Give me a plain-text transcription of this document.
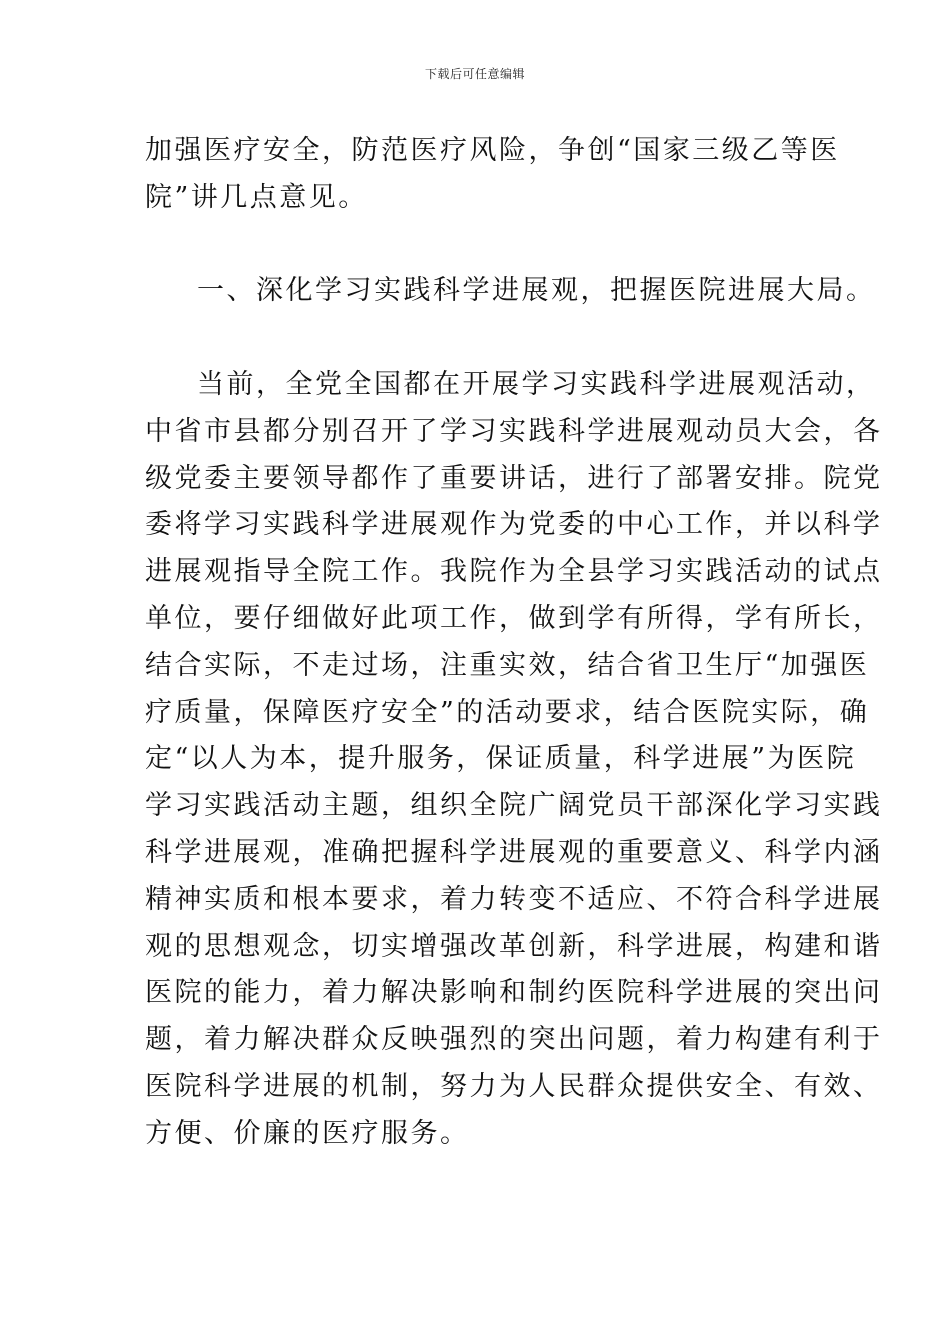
下载后可任意编辑
加强医疗安全，防范医疗风险，争创“国家三级乙等医
院”讲几点意见。
一、深化学习实践科学进展观，把握医院进展大局。
当前，全党全国都在开展学习实践科学进展观活动，
中省市县都分别召开了学习实践科学进展观动员大会，各
级党委主要领导都作了重要讲话，进行了部署安排。院党
委将学习实践科学进展观作为党委的中心工作，并以科学
进展观指导全院工作。我院作为全县学习实践活动的试点
单位，要仔细做好此项工作，做到学有所得，学有所长，
结合实际，不走过场，注重实效，结合省卫生厅“加强医
疗质量，保障医疗安全”的活动要求，结合医院实际，确
定“以人为本，提升服务，保证质量，科学进展”为医院
学习实践活动主题，组织全院广阔党员干部深化学习实践
科学进展观，准确把握科学进展观的重要意义、科学内涵
精神实质和根本要求，着力转变不适应、不符合科学进展
观的思想观念，切实增强改革创新，科学进展，构建和谐
医院的能力，着力解决影响和制约医院科学进展的突出问
题，着力解决群众反映强烈的突出问题，着力构建有利于
医院科学进展的机制，努力为人民群众提供安全、有效、
方便、价廉的医疗服务。
